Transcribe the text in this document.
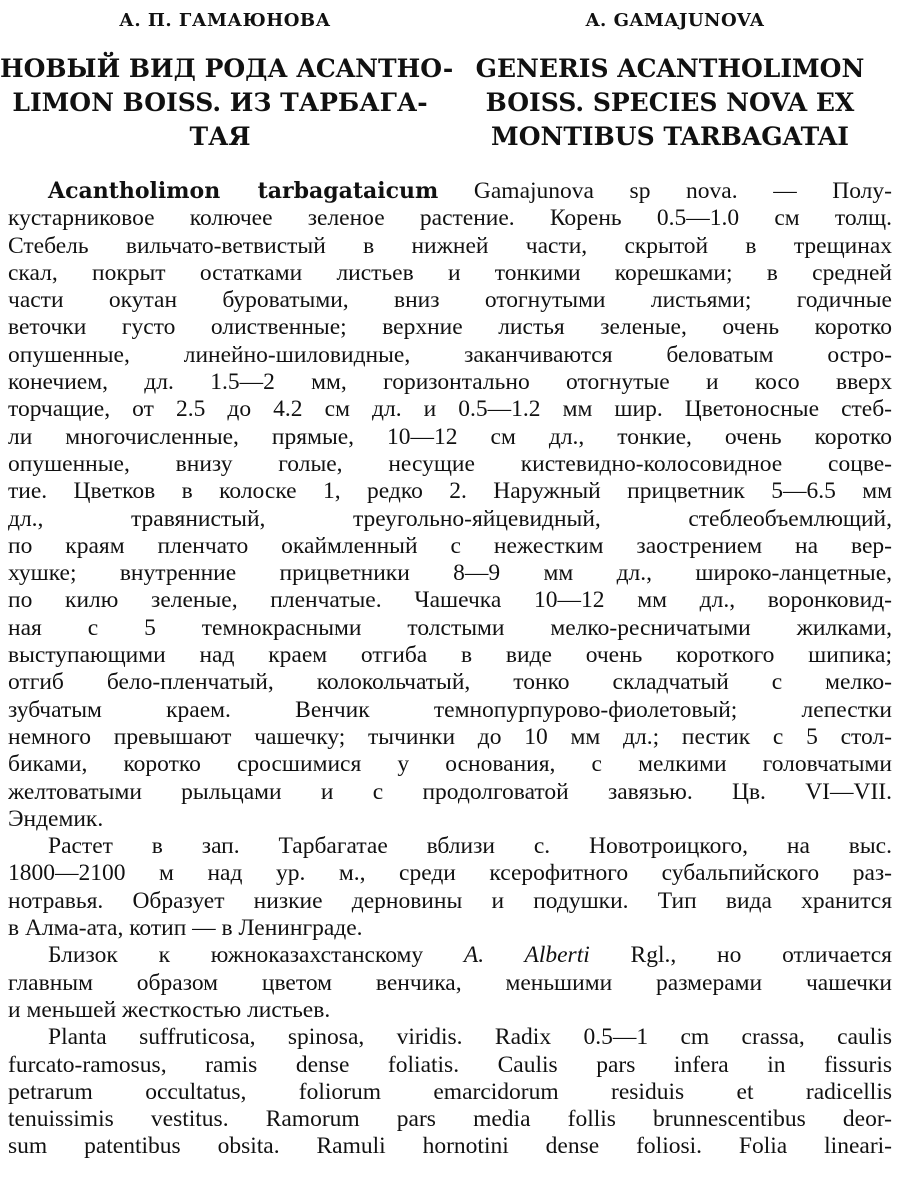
А. П. ГАМАЮНОВА	A. GAMAJUNOVA
НОВЫЙ ВИД РОДА ACANTHO-
LIMON BOISS. ИЗ ТАРБАГА-
ТАЯ
GENERIS ACANTHOLIMON
BOISS. SPECIES NOVA EX
MONTIBUS TARBAGATAI
Acantholimon tarbagataicum Gamajunova sp nova. — Полу-
кустарниковое колючее зеленое растение. Корень 0.5—1.0 см толщ.
Стебель вильчато-ветвистый в нижней части, скрытой в трещинах
скал, покрыт остатками листьев и тонкими корешками; в средней
части окутан буроватыми, вниз отогнутыми листьями; годичные
веточки густо олиственные; верхние листья зеленые, очень коротко
опушенные, линейно-шиловидные, заканчиваются беловатым остро-
конечием, дл. 1.5—2 мм, горизонтально отогнутые и косо вверх
торчащие, от 2.5 до 4.2 см дл. и 0.5—1.2 мм шир. Цветоносные стеб-
ли многочисленные, прямые, 10—12 см дл., тонкие, очень коротко
опушенные, внизу голые, несущие кистевидно-колосовидное соцве-
тие. Цветков в колоске 1, редко 2. Наружный прицветник 5—6.5 мм
дл., травянистый, треугольно-яйцевидный, стеблеобъемлющий,
по краям пленчато окаймленный с нежестким заострением на вер-
хушке; внутренние прицветники 8—9 мм дл., широко-ланцетные,
по килю зеленые, пленчатые. Чашечка 10—12 мм дл., воронковид-
ная с 5 темнокрасными толстыми мелко-ресничатыми жилками,
выступающими над краем отгиба в виде очень короткого шипика;
отгиб бело-пленчатый, колокольчатый, тонко складчатый с мелко-
зубчатым краем. Венчик темнопурпурово-фиолетовый; лепестки
немного превышают чашечку; тычинки до 10 мм дл.; пестик с 5 стол-
биками, коротко сросшимися у основания, с мелкими головчатыми
желтоватыми рыльцами и с продолговатой завязью. Цв. VI—VII.
Эндемик.
Растет в зап. Тарбагатае вблизи с. Новотроицкого, на выс.
1800—2100 м над ур. м., среди ксерофитного субальпийского раз-
нотравья. Образует низкие дерновины и подушки. Тип вида хранится
в Алма-ата, котип — в Ленинграде.
Близок к южноказахстанскому A. Alberti Rgl., но отличается
главным образом цветом венчика, меньшими размерами чашечки
и меньшей жесткостью листьев.
Planta suffruticosa, spinosa, viridis. Radix 0.5—1 cm crassa, caulis
furcato-ramosus, ramis dense foliatis. Caulis pars infera in fissuris
petrarum occultatus, foliorum emarcidorum residuis et radicellis
tenuissimis vestitus. Ramorum pars media follis brunnescentibus deor-
sum patentibus obsita. Ramuli hornotini dense foliosi. Folia lineari-
